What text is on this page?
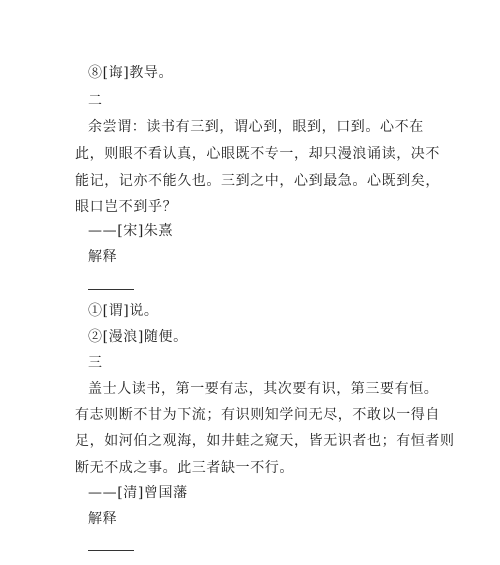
⑧[诲]教导。
二
余尝谓：读书有三到，谓心到，眼到，口到。心不在
此，则眼不看认真，心眼既不专一，却只漫浪诵读，决不
能记，记亦不能久也。三到之中，心到最急。心既到矣，
眼口岂不到乎？
——[宋]朱熹
解释
①[谓]说。
②[漫浪]随便。
三
盖士人读书，第一要有志，其次要有识，第三要有恒。
有志则断不甘为下流；有识则知学问无尽，不敢以一得自
足，如河伯之观海，如井蛙之窥天，皆无识者也；有恒者则
断无不成之事。此三者缺一不行。
——[清]曾国藩
解释
